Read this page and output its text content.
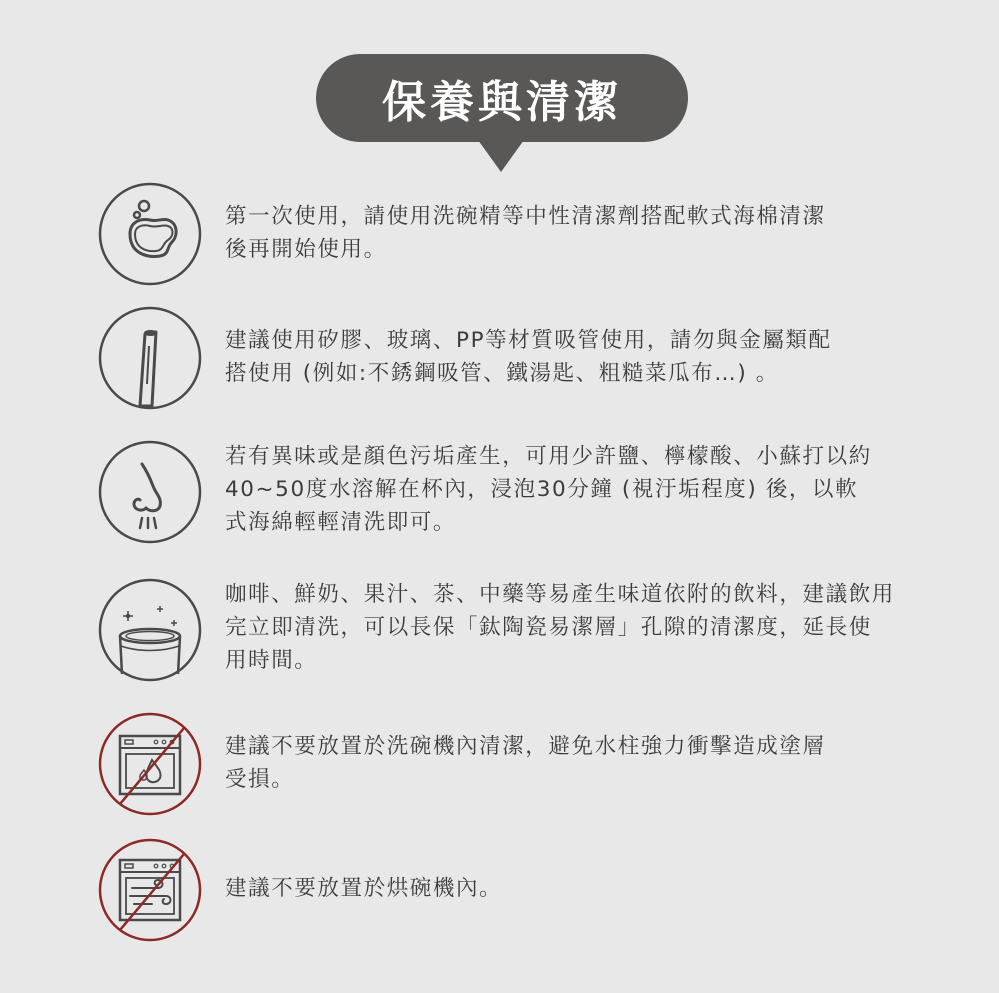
保養與清潔

第一次使用，請使用洗碗精等中性清潔劑搭配軟式海棉清潔

後再開始使用。

建議使用矽膠、玻璃、PP等材質吸管使用，請勿與金屬類配

搭使用 (例如:不銹鋼吸管、鐵湯匙、粗糙菜瓜布…) 。

若有異味或是顏色污垢產生，可用少許鹽、檸檬酸、小蘇打以約

40~50度水溶解在杯內，浸泡30分鐘 (視汙垢程度) 後，以軟

式海綿輕輕清洗即可。

咖啡、鮮奶、果汁、茶、中藥等易產生味道依附的飲料，建議飲用

完立即清洗，可以長保「鈦陶瓷易潔層」孔隙的清潔度，延長使

用時間。

建議不要放置於洗碗機內清潔，避免水柱強力衝擊造成塗層

受損。

建議不要放置於烘碗機內。
